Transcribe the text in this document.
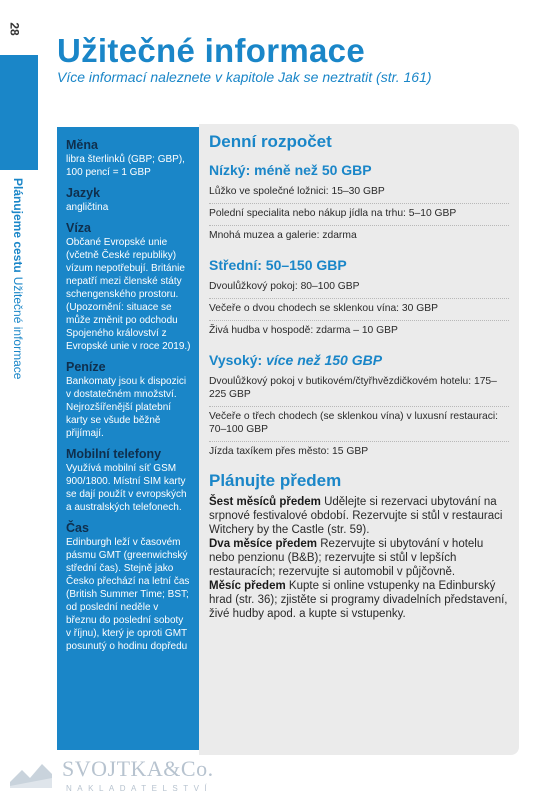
28
Plánujeme cestuUžitečné informace
Užitečné informace
Více informací naleznete v kapitole Jak se neztratit (str. 161)
Měna

libra šterlinků (GBP; GBP), 100 pencí = 1 GBP

Jazyk

angličtina

Víza

Občané Evropské unie (včetně České republiky) vízum nepotřebují. Británie nepatří mezi členské státy schengenského prostoru. (Upozornění: situace se může změnit po odchodu Spojeného království z Evropské unie v roce 2019.)

Peníze

Bankomaty jsou k dispozici v dostatečném množství. Nejrozšířenější platební karty se všude běžně přijímají.

Mobilní telefony

Využívá mobilní síť GSM 900/1800. Místní SIM karty se dají použít v evropských a australských telefonech.

Čas

Edinburgh leží v časovém pásmu GMT (greenwichský střední čas). Stejně jako Česko přechází na letní čas (British Summer Time; BST; od poslední neděle v březnu do poslední soboty v říjnu), který je oproti GMT posunutý o hodinu dopředu

Denní rozpočet
Nízký: méně než 50 GBP
Lůžko ve společné ložnici: 15–30 GBP
Polední specialita nebo nákup jídla na trhu: 5–10 GBP
Mnohá muzea a galerie: zdarma
Střední: 50–150 GBP
Dvoulůžkový pokoj: 80–100 GBP
Večeře o dvou chodech se sklenkou vína: 30 GBP
Živá hudba v hospodě: zdarma – 10 GBP
Vysoký: více než 150 GBP
Dvoulůžkový pokoj v butikovém/čtyřhvězdičkovém hotelu: 175–225 GBP
Večeře o třech chodech (se sklenkou vína) v luxusní restauraci: 70–100 GBP
Jízda taxíkem přes město: 15 GBP
Plánujte předem

Šest měsíců předem Udělejte si rezervaci ubytování na srpnové festivalové období. Rezervujte si stůl v restauraci Witchery by the Castle (str. 59).

Dva měsíce předem Rezervujte si ubytování v hotelu nebo penzionu (B&B); rezervujte si stůl v lepších restauracích; rezervujte si automobil v půjčovně.

Měsíc předem Kupte si online vstupenky na Edinburský hrad (str. 36); zjistěte si programy divadelních představení, živé hudby apod. a kupte si vstupenky.

SVOJTKA&Co.
NAKLADATELSTVÍ
